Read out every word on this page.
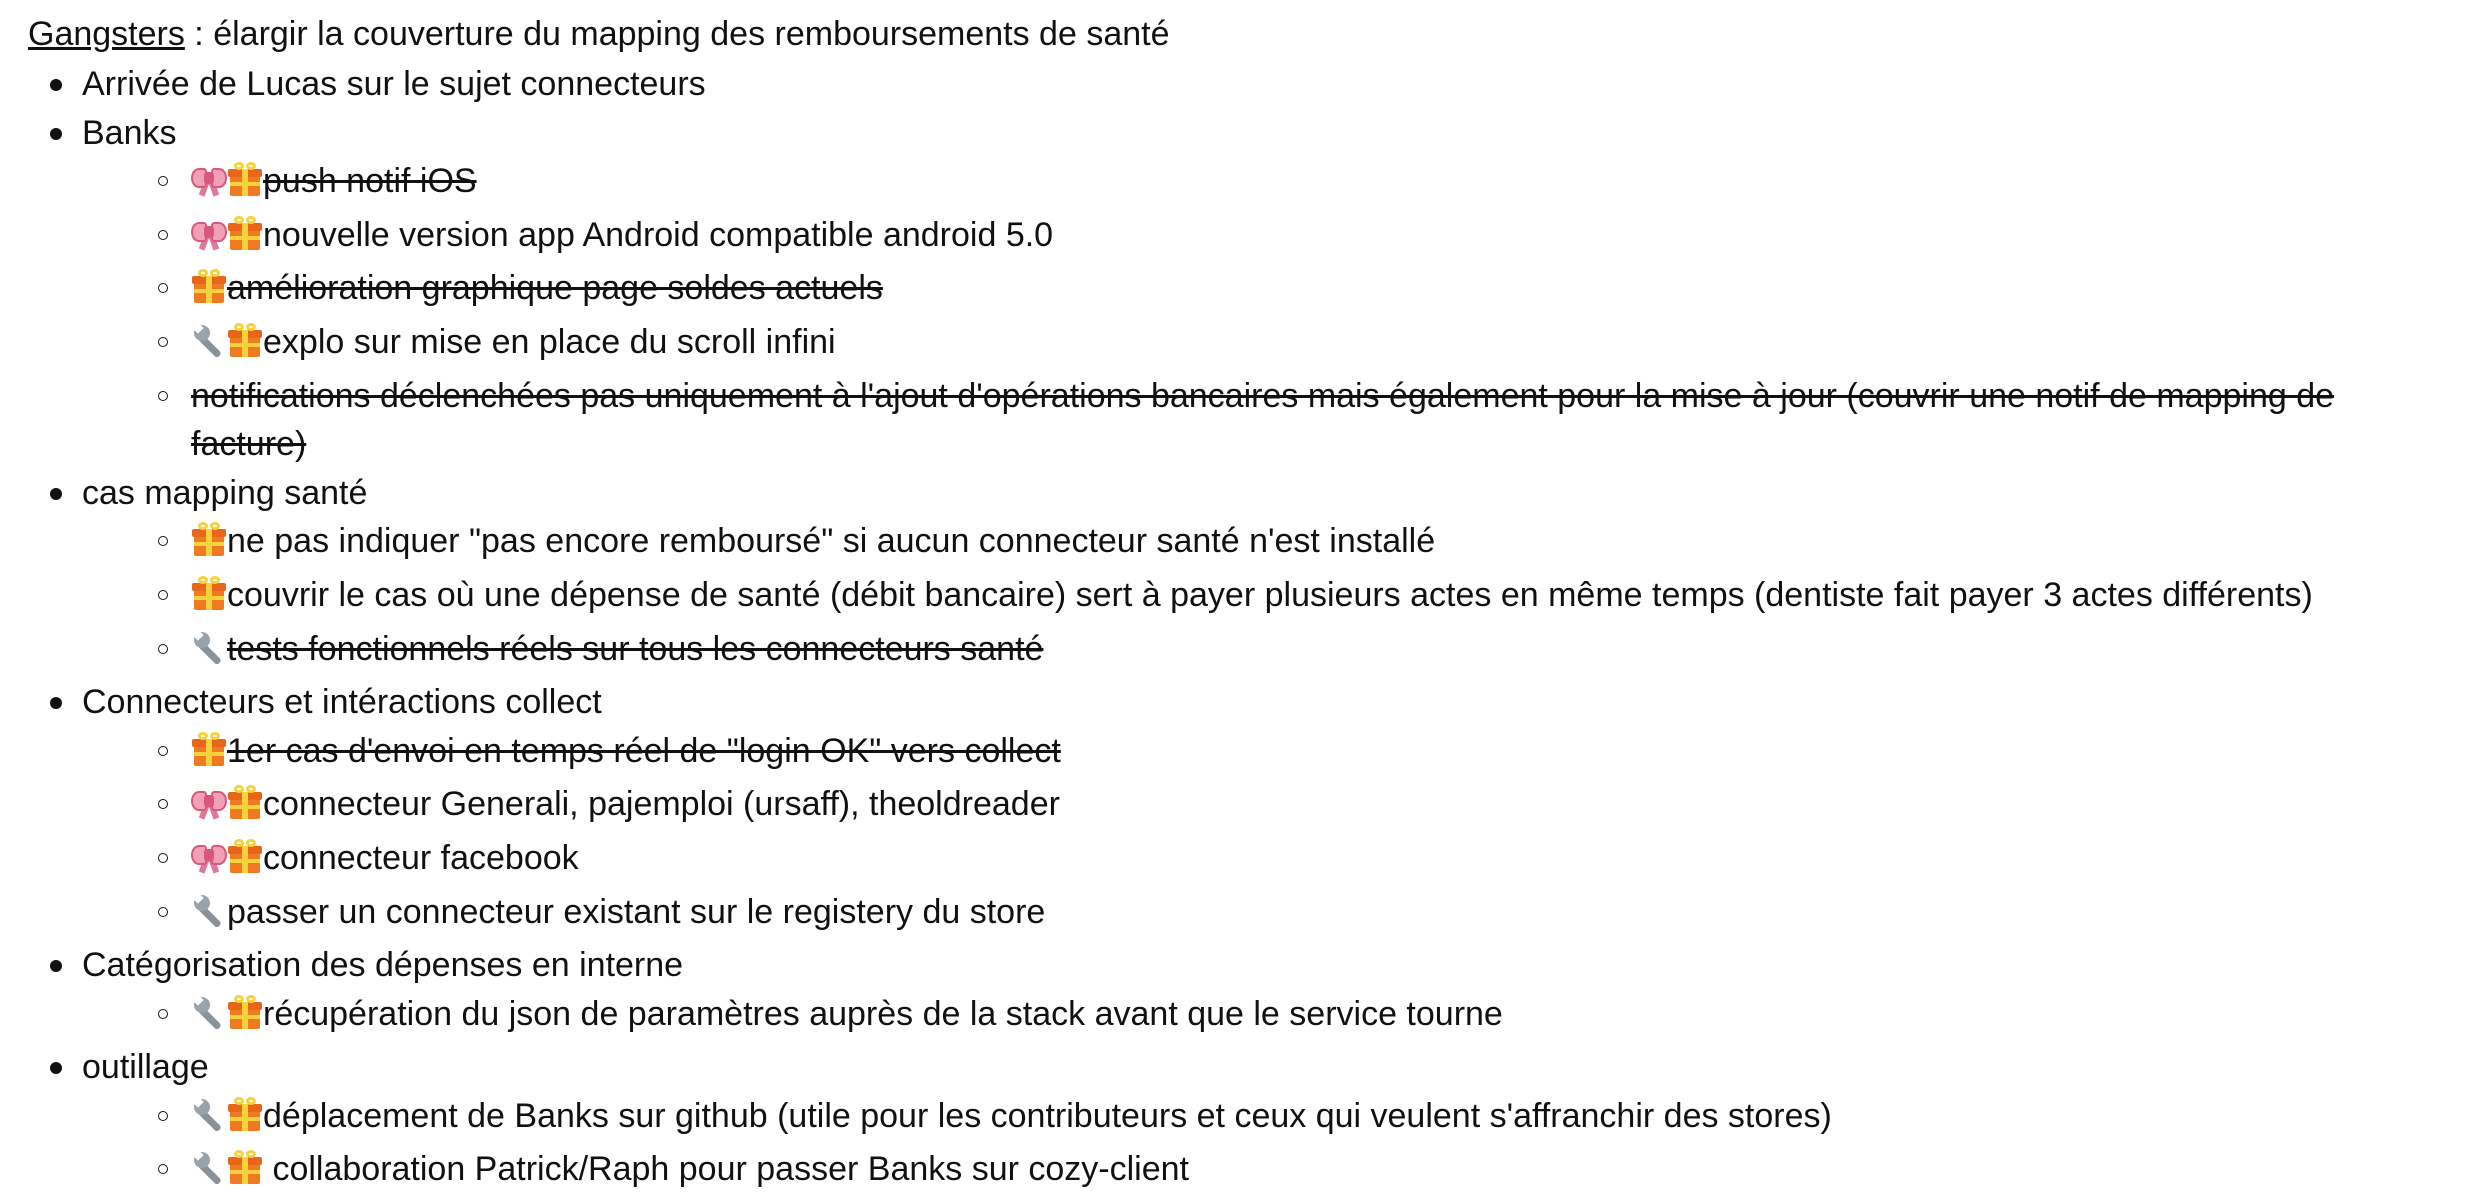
Gangsters : élargir la couverture du mapping des remboursements de santé
Arrivée de Lucas sur le sujet connecteurs
Banks
push notif iOS
nouvelle version app Android compatible android 5.0
amélioration graphique page soldes actuels
explo sur mise en place du scroll infini
notifications déclenchées pas uniquement à l'ajout d'opérations bancaires mais également pour la mise à jour (couvrir une notif de mapping de facture)
cas mapping santé
ne pas indiquer "pas encore remboursé" si aucun connecteur santé n'est installé
couvrir le cas où une dépense de santé (débit bancaire) sert à payer plusieurs actes en même temps (dentiste fait payer 3 actes différents)
tests fonctionnels réels sur tous les connecteurs santé
Connecteurs et intéractions collect
1er cas d'envoi en temps réel de "login OK" vers collect
connecteur Generali, pajemploi (ursaff), theoldreader
connecteur facebook
passer un connecteur existant sur le registery du store
Catégorisation des dépenses en interne
récupération du json de paramètres auprès de la stack avant que le service tourne
outillage
déplacement de Banks sur github (utile pour les contributeurs et ceux qui veulent s'affranchir des stores)
collaboration Patrick/Raph pour passer Banks sur cozy-client
